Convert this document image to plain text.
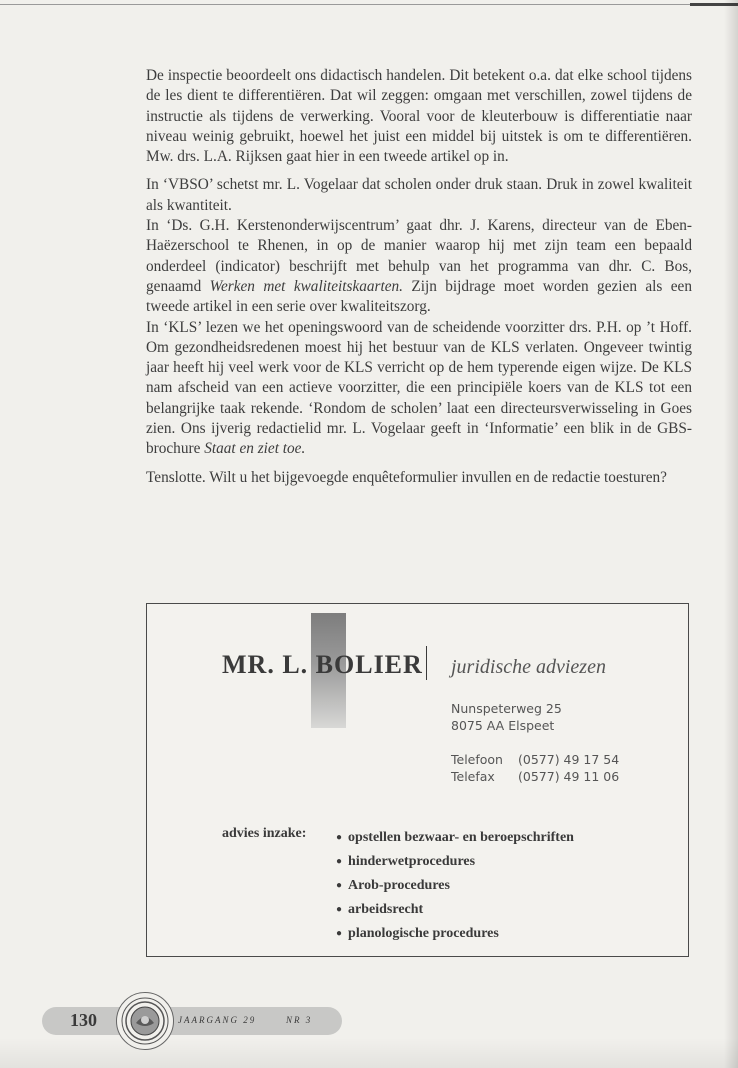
De inspectie beoordeelt ons didactisch handelen. Dit betekent o.a. dat elke school tijdens de les dient te differentiëren. Dat wil zeggen: omgaan met verschillen, zowel tijdens de instructie als tijdens de verwerking. Vooral voor de kleuterbouw is differentiatie naar niveau weinig gebruikt, hoewel het juist een middel bij uitstek is om te differentiëren. Mw. drs. L.A. Rijksen gaat hier in een tweede artikel op in.

In ‘VBSO’ schetst mr. L. Vogelaar dat scholen onder druk staan. Druk in zowel kwaliteit als kwantiteit.

In ‘Ds. G.H. Kerstenonderwijscentrum’ gaat dhr. J. Karens, directeur van de Eben-Haëzerschool te Rhenen, in op de manier waarop hij met zijn team een bepaald onderdeel (indicator) beschrijft met behulp van het programma van dhr. C. Bos, genaamd Werken met kwaliteitskaarten. Zijn bijdrage moet worden gezien als een tweede artikel in een serie over kwaliteitszorg.

In ‘KLS’ lezen we het openingswoord van de scheidende voorzitter drs. P.H. op ’t Hoff. Om gezondheidsredenen moest hij het bestuur van de KLS verlaten. Ongeveer twintig jaar heeft hij veel werk voor de KLS verricht op de hem typerende eigen wijze. De KLS nam afscheid van een actieve voorzitter, die een principiële koers van de KLS tot een belangrijke taak rekende. ‘Rondom de scholen’ laat een directeursverwisseling in Goes zien. Ons ijverig redactielid mr. L. Vogelaar geeft in ‘Informatie’ een blik in de GBS-brochure Staat en ziet toe.

Tenslotte. Wilt u het bijgevoegde enquêteformulier invullen en de redactie toesturen?

MR. L. BOLIER juridische adviezen
Nunspeterweg 25
8075 AA Elspeet
Telefoon (0577) 49 17 54
Telefax (0577) 49 11 06
advies inzake:
●	opstellen bezwaar- en beroepschriften
● hinderwetprocedures
● Arob-procedures
● arbeidsrecht
● planologische procedures
130	JAARGANG 29	NR 3
